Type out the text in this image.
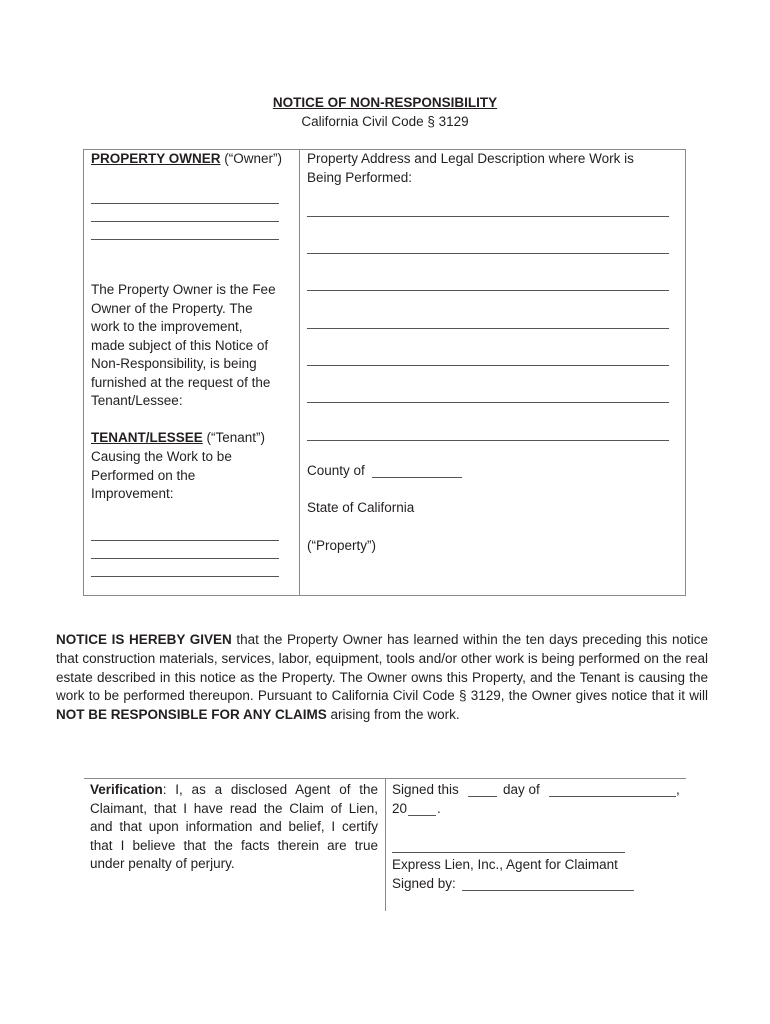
NOTICE OF NON-RESPONSIBILITY
California Civil Code § 3129
PROPERTY OWNER (“Owner”)
The Property Owner is the Fee
Owner of the Property. The
work to the improvement,
made subject of this Notice of
Non-Responsibility, is being
furnished at the request of the
Tenant/Lessee:
TENANT/LESSEE (“Tenant”)
Causing the Work to be
Performed on the
Improvement:
Property Address and Legal Description where Work is
Being Performed:
County of
State of California
(“Property”)
NOTICE IS HEREBY GIVEN that the Property Owner has learned within the ten days preceding this notice that construction materials, services, labor, equipment, tools and/or other work is being performed on the real estate described in this notice as the Property. The Owner owns this Property, and the Tenant is causing the work to be performed thereupon. Pursuant to California Civil Code § 3129, the Owner gives notice that it will NOT BE RESPONSIBLE FOR ANY CLAIMS arising from the work.
Verification: I, as a disclosed Agent of the Claimant, that I have read the Claim of Lien, and that upon information and belief, I certify that I believe that the facts therein are true under penalty of perjury.
Signed this	day of	,
20 .
Express Lien, Inc., Agent for Claimant
Signed by:
